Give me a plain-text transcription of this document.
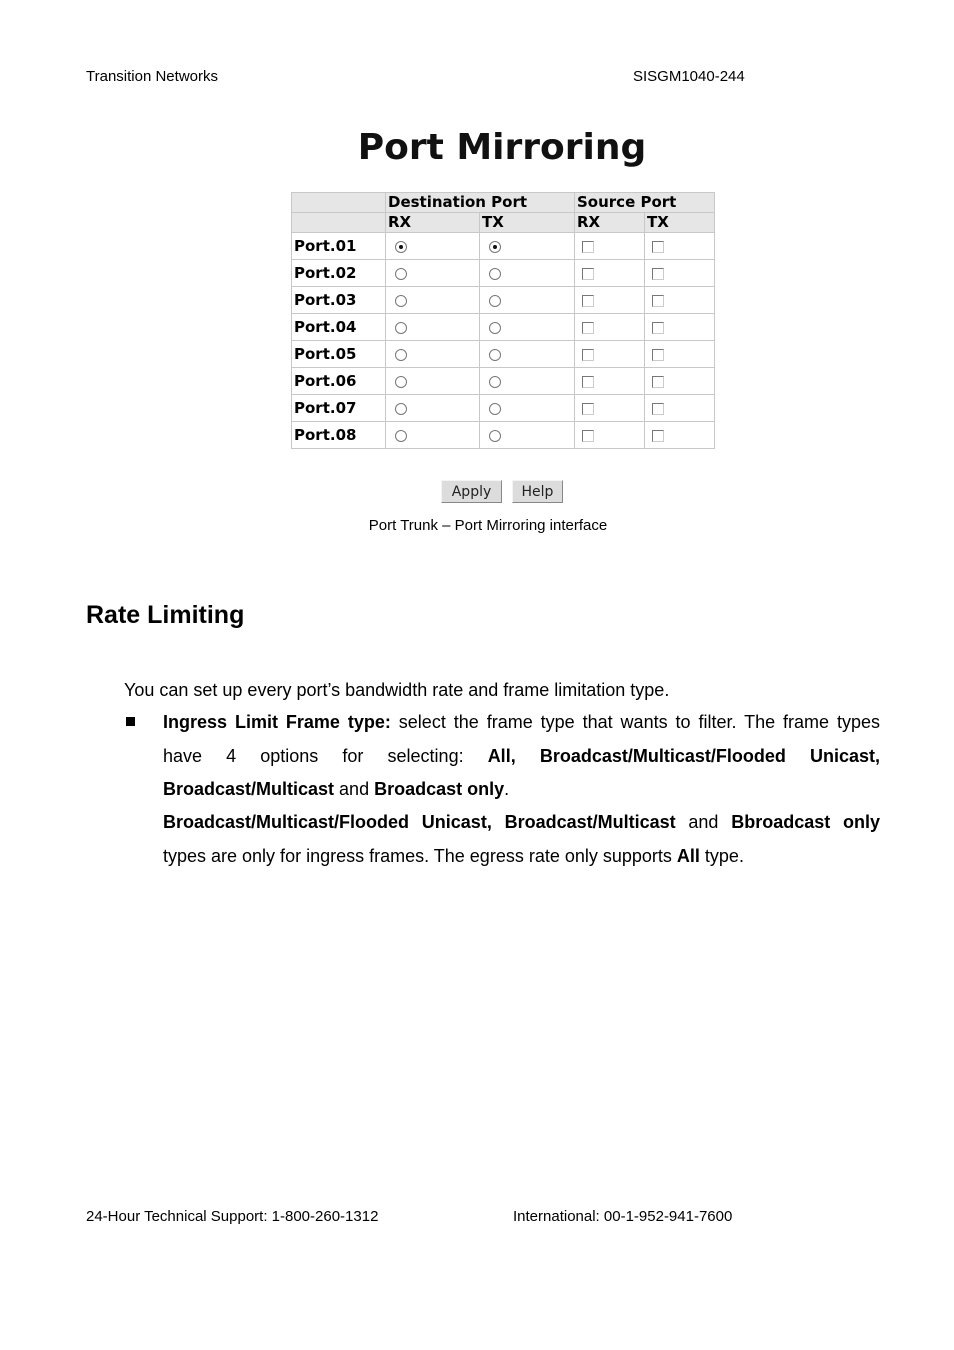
Transition Networks	SISGM1040-244
Port Mirroring
	Destination Port		Source Port	
	RX	TX	RX	TX
Port.01				
Port.02				
Port.03				
Port.04				
Port.05				
Port.06				
Port.07				
Port.08				
Apply	Help
Port Trunk – Port Mirroring interface
Rate Limiting
You can set up every port’s bandwidth rate and frame limitation type.
Ingress Limit Frame type: select the frame type that wants to filter. The frame types have 4 options for selecting: All, Broadcast/Multicast/Flooded Unicast, Broadcast/Multicast and Broadcast only.
Broadcast/Multicast/Flooded Unicast, Broadcast/Multicast and Bbroadcast only types are only for ingress frames. The egress rate only supports All type.
24-Hour Technical Support: 1-800-260-1312	International: 00-1-952-941-7600
